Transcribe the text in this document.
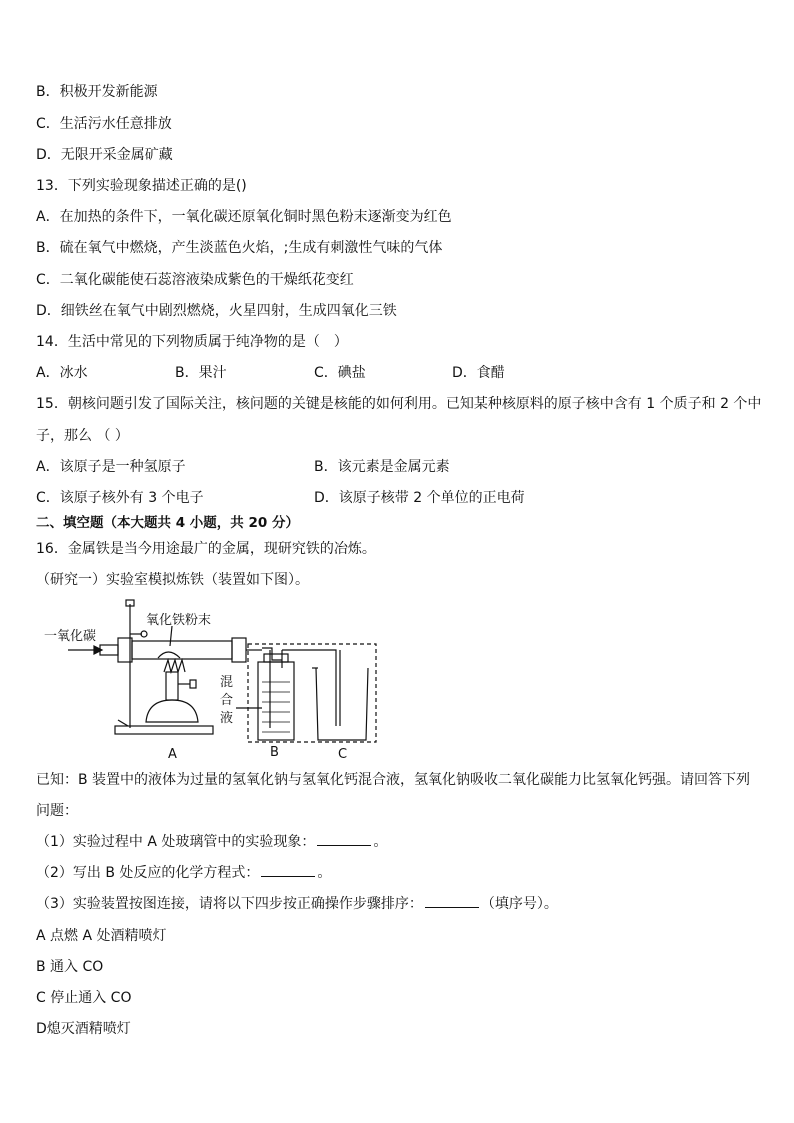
B．积极开发新能源
C．生活污水任意排放
D．无限开采金属矿藏
13．下列实验现象描述正确的是()
A．在加热的条件下，一氧化碳还原氧化铜时黑色粉末逐渐变为红色
B．硫在氧气中燃烧，产生淡蓝色火焰，;生成有刺激性气味的气体
C．二氧化碳能使石蕊溶液染成紫色的干燥纸花变红
D．细铁丝在氧气中剧烈燃烧，火星四射，生成四氧化三铁
14．生活中常见的下列物质属于纯净物的是（　）
A．冰水	B．果汁	C．碘盐	D．食醋
15．朝核问题引发了国际关注，核问题的关键是核能的如何利用。已知某种核原料的原子核中含有 1 个质子和 2 个中
子，那么 （ ）
A．该原子是一种氢原子	B．该元素是金属元素
C．该原子核外有 3 个电子	D．该原子核带 2 个单位的正电荷
二、填空题（本大题共 4 小题，共 20 分）
16．金属铁是当今用途最广的金属，现研究铁的冶炼。
（研究一）实验室模拟炼铁（装置如下图）。
一氧化碳
氧化铁粉末
混
合
液
A	B	C
已知：B 装置中的液体为过量的氢氧化钠与氢氧化钙混合液，氢氧化钠吸收二氧化碳能力比氢氧化钙强。请回答下列
问题：
（1）实验过程中 A 处玻璃管中的实验现象：	。
（2）写出 B 处反应的化学方程式：	。
（3）实验装置按图连接，请将以下四步按正确操作步骤排序：	（填序号）。
A 点燃 A 处酒精喷灯
B 通入 CO
C 停止通入 CO
D熄灭酒精喷灯
